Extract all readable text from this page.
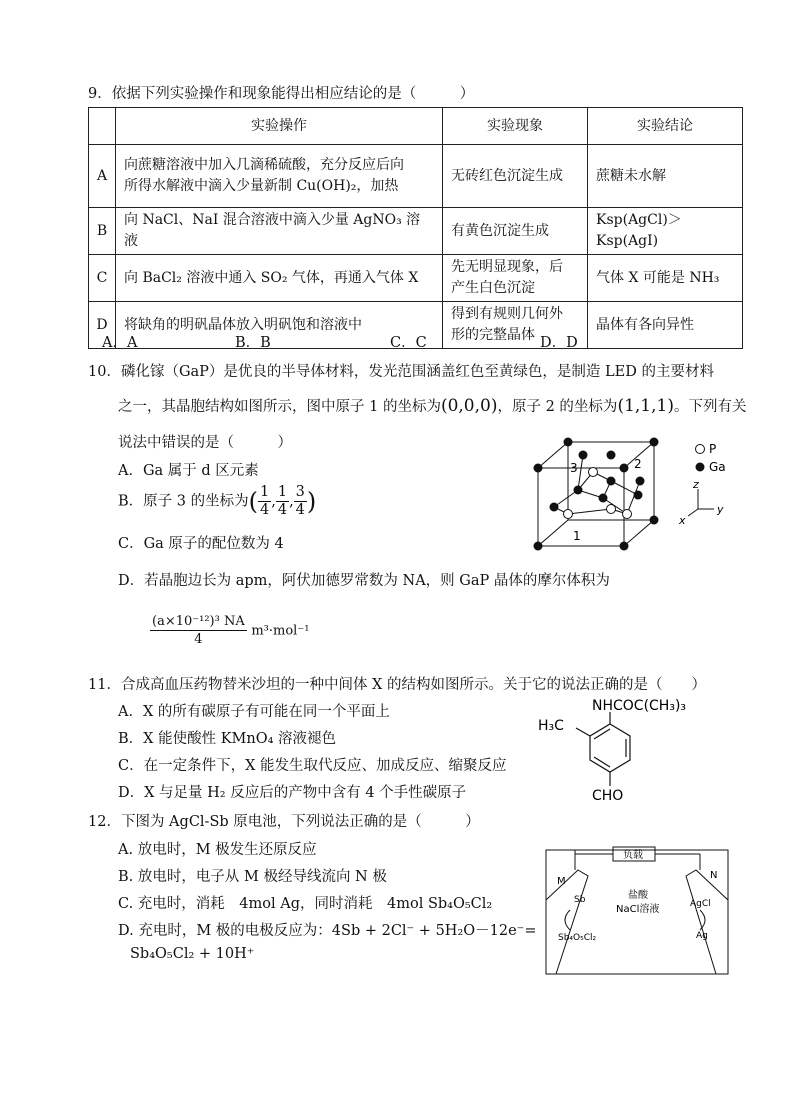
9．依据下列实验操作和现象能得出相应结论的是（　　　）
	实验操作	实验现象	实验结论
A	向蔗糖溶液中加入几滴稀硫酸，充分反应后向
所得水解液中滴入少量新制 Cu(OH)₂，加热	无砖红色沉淀生成	蔗糖未水解
B	向 NaCl、NaI 混合溶液中滴入少量 AgNO₃ 溶液	有黄色沉淀生成	Ksp(AgCl)＞Ksp(AgI)
C	向 BaCl₂ 溶液中通入 SO₂ 气体，再通入气体 X	先无明显现象，后
产生白色沉淀	气体 X 可能是 NH₃
D	将缺角的明矾晶体放入明矾饱和溶液中	得到有规则几何外
形的完整晶体	晶体有各向异性
A．A	B．B	C．C	D．D
10．磷化镓（GaP）是优良的半导体材料，发光范围涵盖红色至黄绿色，是制造 LED 的主要材料
之一，其晶胞结构如图所示，图中原子 1 的坐标为(0,0,0)，原子 2 的坐标为(1,1,1)。下列有关
说法中错误的是（　　　）
A．Ga 属于 d 区元素
B．原子 3 的坐标为( $\frac{1}{4}$ , $\frac{1}{4}$ , $\frac{3}{4}$ )
C．Ga 原子的配位数为 4
D．若晶胞边长为 apm，阿伏加德罗常数为 NA，则 GaP 晶体的摩尔体积为
$\frac{\text{(a×10⁻¹²)³ NA}}{4} m^3\cdot mol^{-1}$
3	2
1
P
Ga
z
y
x
11．合成高血压药物替米沙坦的一种中间体 X 的结构如图所示。关于它的说法正确的是（　　）
A．X 的所有碳原子有可能在同一个平面上
B．X 能使酸性 KMnO₄ 溶液褪色
C．在一定条件下，X 能发生取代反应、加成反应、缩聚反应
D．X 与足量 H₂ 反应后的产物中含有 4 个手性碳原子
NHCOC(CH₃)₃
H₃C
CHO
12．下图为 AgCl-Sb 原电池，下列说法正确的是（　　　）
A. 放电时，M 极发生还原反应
B. 放电时，电子从 M 极经导线流向 N 极
C. 充电时，消耗　4mol Ag，同时消耗　4mol Sb₄O₅Cl₂
D. 充电时，M 极的电极反应为：4Sb + 2Cl⁻ + 5H₂O－12e⁻=
Sb₄O₅Cl₂ + 10H⁺
负载
M
N
盐酸
NaCl溶液
Sb
Sb₄O₅Cl₂
AgCl
Ag
